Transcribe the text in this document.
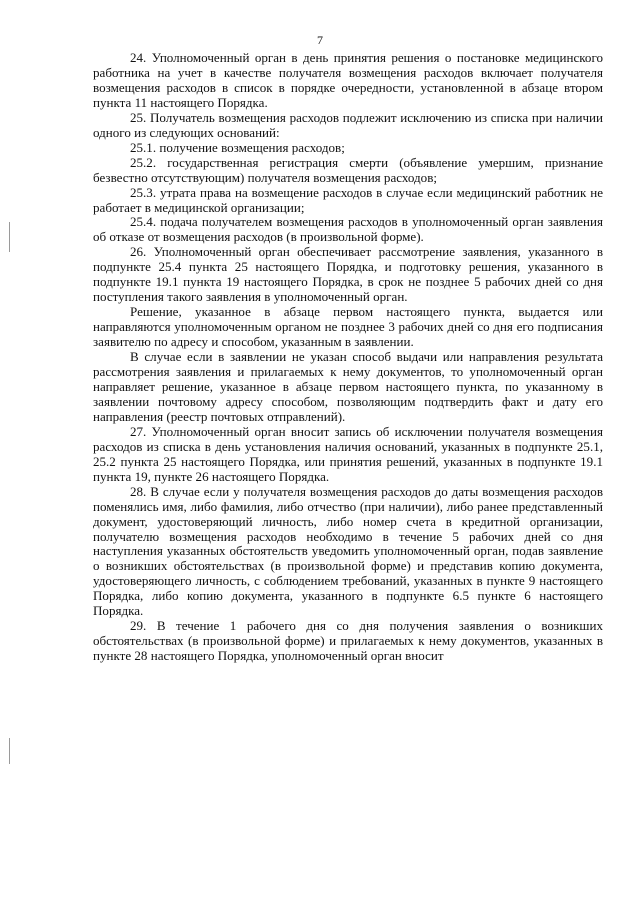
7

24. Уполномоченный орган в день принятия решения о постановке медицинского работника на учет в качестве получателя возмещения расходов включает получателя возмещения расходов в список в порядке очередности, установленной в абзаце втором пункта 11 настоящего Порядка.

25. Получатель возмещения расходов подлежит исключению из списка при наличии одного из следующих оснований:

25.1. получение возмещения расходов;

25.2. государственная регистрация смерти (объявление умершим, признание безвестно отсутствующим) получателя возмещения расходов;

25.3. утрата права на возмещение расходов в случае если медицинский работник не работает в медицинской организации;

25.4. подача получателем возмещения расходов в уполномоченный орган заявления об отказе от возмещения расходов (в произвольной форме).

26. Уполномоченный орган обеспечивает рассмотрение заявления, указанного в подпункте 25.4 пункта 25 настоящего Порядка, и подготовку решения, указанного в подпункте 19.1 пункта 19 настоящего Порядка, в срок не позднее 5 рабочих дней со дня поступления такого заявления в уполномоченный орган.

Решение, указанное в абзаце первом настоящего пункта, выдается или направляются уполномоченным органом не позднее 3 рабочих дней со дня его подписания заявителю по адресу и способом, указанным в заявлении.

В случае если в заявлении не указан способ выдачи или направления результата рассмотрения заявления и прилагаемых к нему документов, то уполномоченный орган направляет решение, указанное в абзаце первом настоящего пункта, по указанному в заявлении почтовому адресу способом, позволяющим подтвердить факт и дату его направления (реестр почтовых отправлений).

27. Уполномоченный орган вносит запись об исключении получателя возмещения расходов из списка в день установления наличия оснований, указанных в подпункте 25.1, 25.2 пункта 25 настоящего Порядка, или принятия решений, указанных в подпункте 19.1 пункта 19, пункте 26 настоящего Порядка.

28. В случае если у получателя возмещения расходов до даты возмещения расходов поменялись имя, либо фамилия, либо отчество (при наличии), либо ранее представленный документ, удостоверяющий личность, либо номер счета в кредитной организации, получателю возмещения расходов необходимо в течение 5 рабочих дней со дня наступления указанных обстоятельств уведомить уполномоченный орган, подав заявление о возникших обстоятельствах (в произвольной форме) и представив копию документа, удостоверяющего личность, с соблюдением требований, указанных в пункте 9 настоящего Порядка, либо копию документа, указанного в подпункте 6.5 пункте 6 настоящего Порядка.

29. В течение 1 рабочего дня со дня получения заявления о возникших обстоятельствах (в произвольной форме) и прилагаемых к нему документов, указанных в пункте 28 настоящего Порядка, уполномоченный орган вносит
